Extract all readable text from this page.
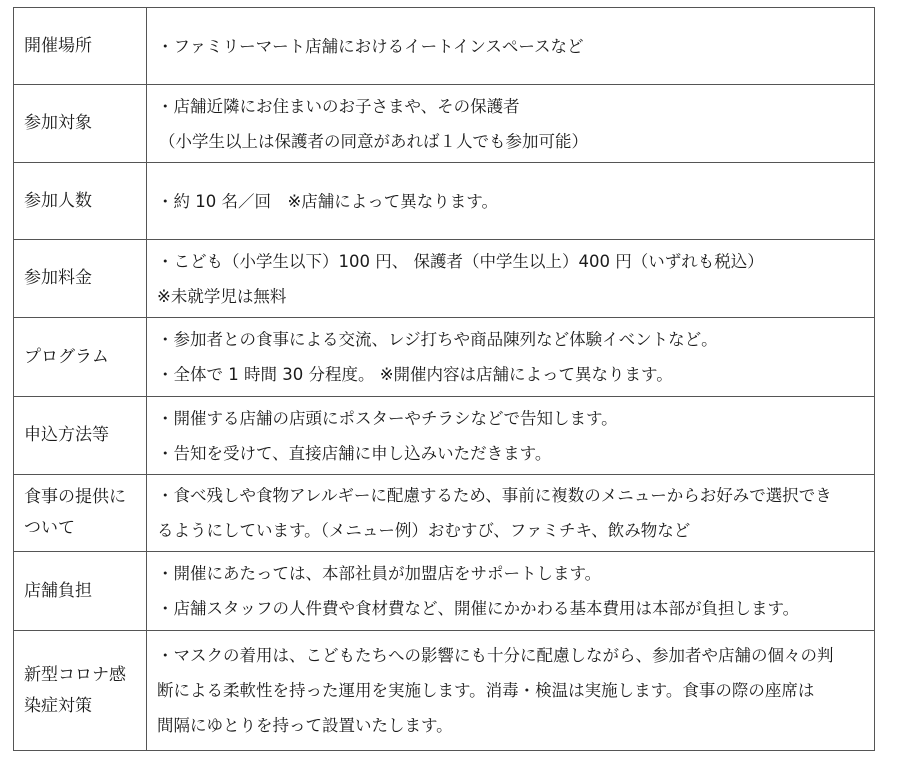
開催場所	・ファミリーマート店舗におけるイートインスペースなど

参加対象	・店舗近隣にお住まいのお子さまや、その保護者
（小学生以上は保護者の同意があれば１人でも参加可能）

参加人数	・約 10 名／回　※店舗によって異なります。

参加料金	・こども（小学生以下）100 円、 保護者（中学生以上）400 円（いずれも税込）
※未就学児は無料

プログラム	・参加者との食事による交流、レジ打ちや商品陳列など体験イベントなど。
・全体で 1 時間 30 分程度。 ※開催内容は店舗によって異なります。

申込方法等	・開催する店舗の店頭にポスターやチラシなどで告知します。
・告知を受けて、直接店舗に申し込みいただきます。

食事の提供に
ついて	・食べ残しや食物アレルギーに配慮するため、事前に複数のメニューからお好みで選択でき
るようにしています。（メニュー例）おむすび、ファミチキ、飲み物など

店舗負担	・開催にあたっては、本部社員が加盟店をサポートします。
・店舗スタッフの人件費や食材費など、開催にかかわる基本費用は本部が負担します。

新型コロナ感
染症対策	・マスクの着用は、こどもたちへの影響にも十分に配慮しながら、参加者や店舗の個々の判
断による柔軟性を持った運用を実施します。消毒・検温は実施します。食事の際の座席は
間隔にゆとりを持って設置いたします。
